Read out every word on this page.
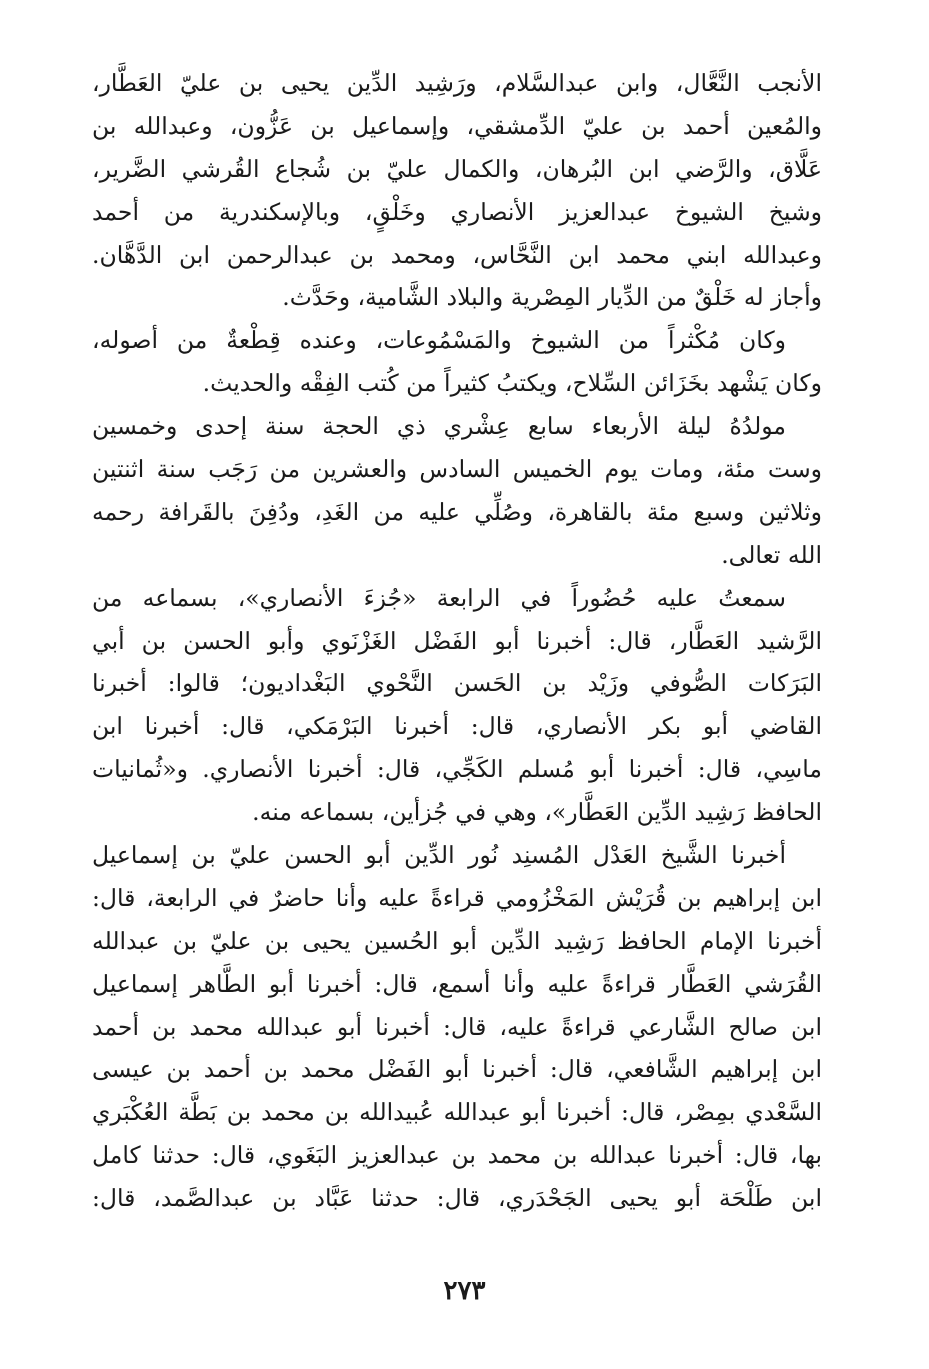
الأنجب النَّعَّال، وابن عبدالسَّلام، ورَشِيد الدِّين يحيى بن عليّ العَطَّار،
والمُعين أحمد بن عليّ الدِّمشقي، وإسماعيل بن عَزُّون، وعبدالله بن
عَلَّاق، والرَّضي ابن البُرهان، والكمال عليّ بن شُجاع القُرشي الضَّرير،
وشيخ الشيوخ عبدالعزيز الأنصاري وخَلْقٍ، وبالإسكندرية من أحمد
وعبدالله ابني محمد ابن النَّحَّاس، ومحمد بن عبدالرحمن ابن الدَّهَّان.
وأجاز له خَلْقٌ من الدِّيار المِصْرية والبلاد الشَّامية، وحَدَّث.

وكان مُكْثراً من الشيوخ والمَسْمُوعات، وعنده قِطْعةٌ من أصوله،
وكان يَشْهد بخَزَائن السِّلاح، ويكتبُ كثيراً من كُتب الفِقْه والحديث.

مولدُهُ ليلة الأربعاء سابع عِشْري ذي الحجة سنة إحدى وخمسين
وست مئة، ومات يوم الخميس السادس والعشرين من رَجَب سنة اثنتين
وثلاثين وسبع مئة بالقاهرة، وصُلِّي عليه من الغَدِ، ودُفِنَ بالقَرافة رحمه
الله تعالى.

سمعتُ عليه حُضُوراً في الرابعة «جُزءَ الأنصاري»، بسماعه من
الرَّشيد العَطَّار، قال: أخبرنا أبو الفَضْل الغَزْنَوي وأبو الحسن بن أبي
البَرَكات الصُّوفي وزَيْد بن الحَسن النَّحْوي البَغْداديون؛ قالوا: أخبرنا
القاضي أبو بكر الأنصاري، قال: أخبرنا البَرْمَكي، قال: أخبرنا ابن
ماسِي، قال: أخبرنا أبو مُسلم الكَجِّي، قال: أخبرنا الأنصاري. و«ثُمانيات
الحافظ رَشِيد الدِّين العَطَّار»، وهي في جُزأين، بسماعه منه.

أخبرنا الشَّيخ العَدْل المُسنِد نُور الدِّين أبو الحسن عليّ بن إسماعيل
ابن إبراهيم بن قُرَيْش المَخْزُومي قراءةً عليه وأنا حاضرٌ في الرابعة، قال:
أخبرنا الإمام الحافظ رَشِيد الدِّين أبو الحُسين يحيى بن عليّ بن عبدالله
القُرَشي العَطَّار قراءةً عليه وأنا أسمع، قال: أخبرنا أبو الطَّاهر إسماعيل
ابن صالح الشَّارعي قراءةً عليه، قال: أخبرنا أبو عبدالله محمد بن أحمد
ابن إبراهيم الشَّافعي، قال: أخبرنا أبو الفَضْل محمد بن أحمد بن عيسى
السَّعْدي بمِصْر، قال: أخبرنا أبو عبدالله عُبيدالله بن محمد بن بَطَّة العُكْبَري
بها، قال: أخبرنا عبدالله بن محمد بن عبدالعزيز البَغَوي، قال: حدثنا كامل
ابن طَلْحَة أبو يحيى الجَحْدَري، قال: حدثنا عَبَّاد بن عبدالصَّمد، قال:

٢٧٣
